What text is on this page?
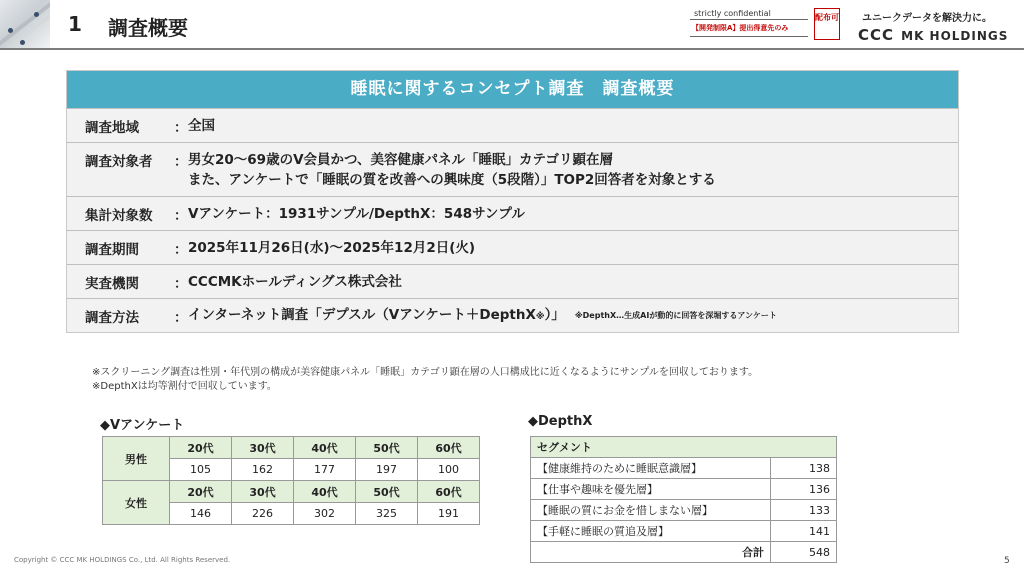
1 調査概要
strictly confidential
【開発制限A】提出得意先のみ
配布可 ユニークデータを解決力に。
CCC MK HOLDINGS
睡眠に関するコンセプト調査　調査概要
調査地域	： 全国
調査対象者	： 男女20～69歳のV会員かつ、美容健康パネル「睡眠」カテゴリ顕在層
また、アンケートで「睡眠の質を改善への興味度（5段階）」TOP2回答者を対象とする
集計対象数	： Vアンケート：1931サンプル/DepthX：548サンプル
調査期間	： 2025年11月26日(水)～2025年12月2日(火)
実査機関	： CCCMKホールディングス株式会社
調査方法	： インターネット調査「デプスル（Vアンケート＋DepthX※）」 ※DepthX…生成AIが動的に回答を深堀するアンケート
※スクリーニング調査は性別・年代別の構成が美容健康パネル「睡眠」カテゴリ顕在層の人口構成比に近くなるようにサンプルを回収しております。
※DepthXは均等割付で回収しています。
◆Vアンケート
男性	20代	30代	40代	50代	60代
	105	162	177	197	100
女性	20代	30代	40代	50代	60代
	146	226	302	325	191
◆DepthX
セグメント	
【健康維持のために睡眠意識層】	138
【仕事や趣味を優先層】	136
【睡眠の質にお金を惜しまない層】	133
【手軽に睡眠の質追及層】	141
合計	548
Copyright © CCC MK HOLDINGS Co., Ltd. All Rights Reserved.	5
